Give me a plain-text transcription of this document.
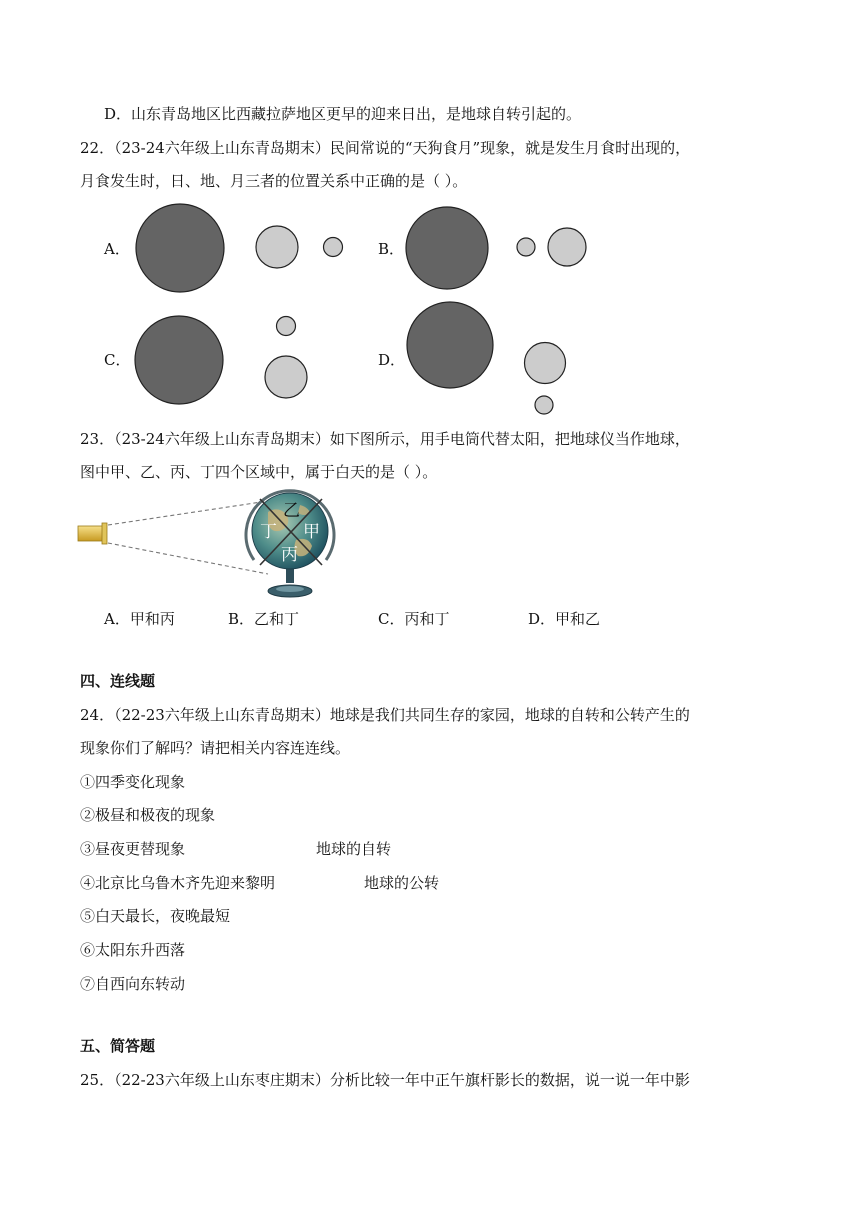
D．山东青岛地区比西藏拉萨地区更早的迎来日出，是地球自转引起的。
22．（23-24六年级上山东青岛期末）民间常说的“天狗食月”现象，就是发生月食时出现的，
月食发生时，日、地、月三者的位置关系中正确的是（ ）。
A．	B．
C．	D．
23．（23-24六年级上山东青岛期末）如下图所示，用手电筒代替太阳，把地球仪当作地球，
图中甲、乙、丙、丁四个区域中，属于白天的是（ ）。
乙
丁 甲
丙
A．甲和丙	B．乙和丁	C．丙和丁	D．甲和乙
四、连线题
24．（22-23六年级上山东青岛期末）地球是我们共同生存的家园，地球的自转和公转产生的
现象你们了解吗？请把相关内容连连线。
①四季变化现象
②极昼和极夜的现象
③昼夜更替现象	地球的自转
④北京比乌鲁木齐先迎来黎明	地球的公转
⑤白天最长，夜晚最短
⑥太阳东升西落
⑦自西向东转动
五、简答题
25．（22-23六年级上山东枣庄期末）分析比较一年中正午旗杆影长的数据，说一说一年中影
